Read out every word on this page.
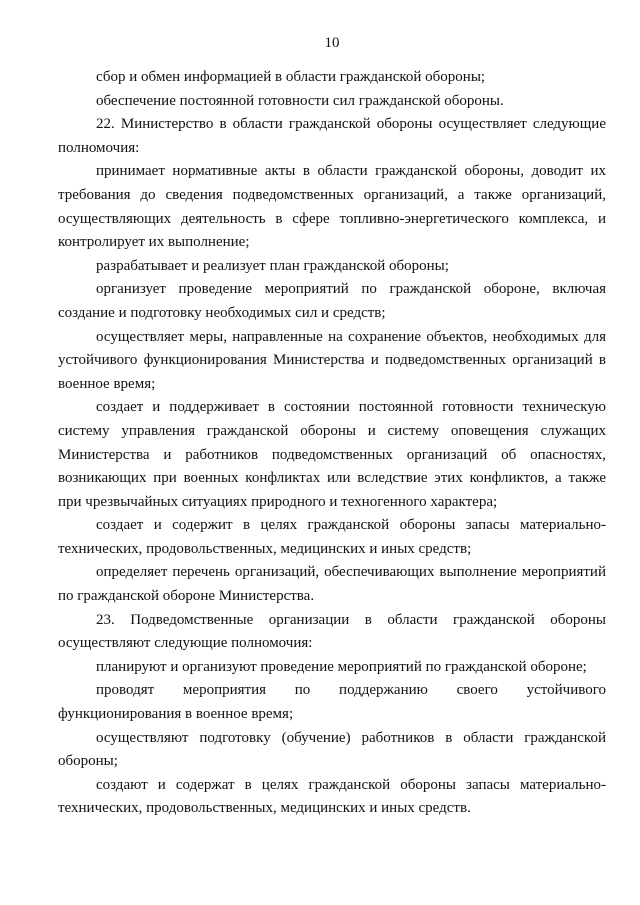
10

сбор и обмен информацией в области гражданской обороны;

обеспечение постоянной готовности сил гражданской обороны.

22. Министерство в области гражданской обороны осуществляет следующие полномочия:

принимает нормативные акты в области гражданской обороны, доводит их требования до сведения подведомственных организаций, а также организаций, осуществляющих деятельность в сфере топливно-энергетического комплекса, и контролирует их выполнение;

разрабатывает и реализует план гражданской обороны;

организует проведение мероприятий по гражданской обороне, включая создание и подготовку необходимых сил и средств;

осуществляет меры, направленные на сохранение объектов, необходимых для устойчивого функционирования Министерства и подведомственных организаций в военное время;

создает и поддерживает в состоянии постоянной готовности техническую систему управления гражданской обороны и систему оповещения служащих Министерства и работников подведомственных организаций об опасностях, возникающих при военных конфликтах или вследствие этих конфликтов, а также при чрезвычайных ситуациях природного и техногенного характера;

создает и содержит в целях гражданской обороны запасы материально-технических, продовольственных, медицинских и иных средств;

определяет перечень организаций, обеспечивающих выполнение мероприятий по гражданской обороне Министерства.

23. Подведомственные организации в области гражданской обороны осуществляют следующие полномочия:

планируют и организуют проведение мероприятий по гражданской обороне;

проводят мероприятия по поддержанию своего устойчивого функционирования в военное время;

осуществляют подготовку (обучение) работников в области гражданской обороны;

создают и содержат в целях гражданской обороны запасы материально-технических, продовольственных, медицинских и иных средств.
